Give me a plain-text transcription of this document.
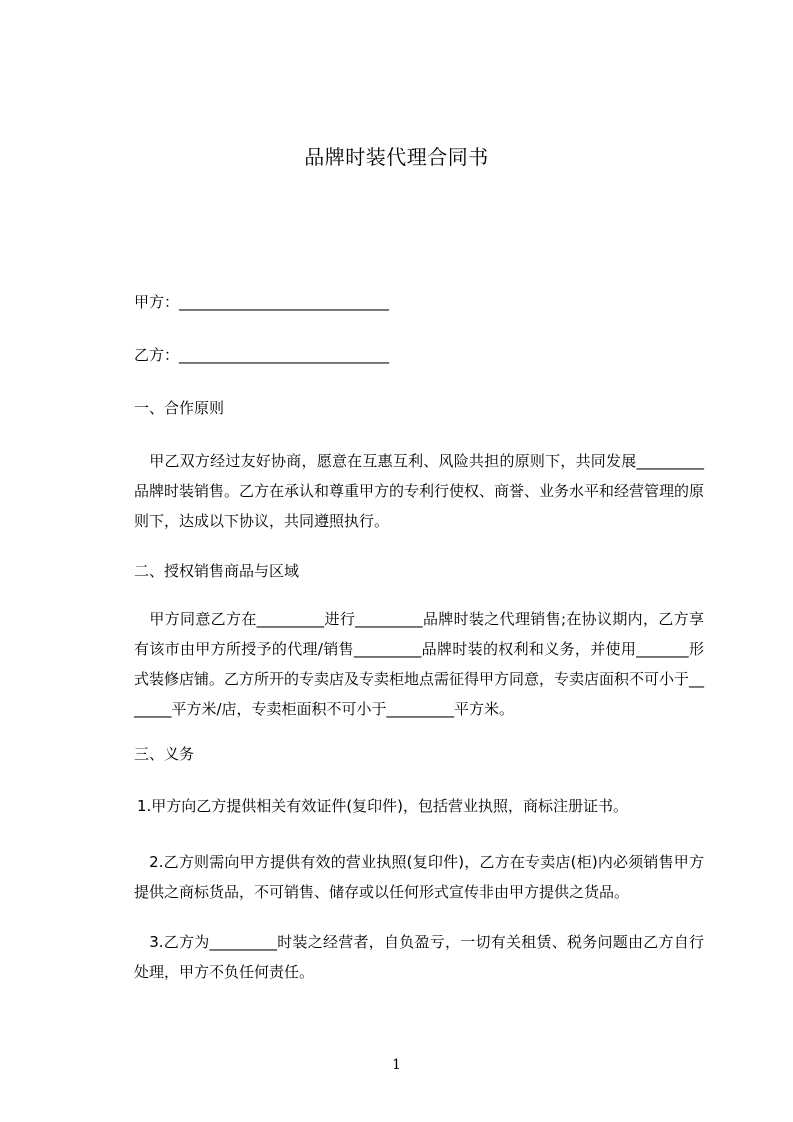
品牌时装代理合同书
甲方：____________________________
乙方：____________________________
一、合作原则
　甲乙双方经过友好协商，愿意在互惠互利、风险共担的原则下，共同发展_________品牌时装销售。乙方在承认和尊重甲方的专利行使权、商誉、业务水平和经营管理的原则下，达成以下协议，共同遵照执行。
二、授权销售商品与区域
　甲方同意乙方在_________进行_________品牌时装之代理销售;在协议期内，乙方享有该市由甲方所授予的代理/销售_________品牌时装的权利和义务，并使用_______形式装修店铺。乙方所开的专卖店及专卖柜地点需征得甲方同意，专卖店面积不可小于_______平方米/店，专卖柜面积不可小于_________平方米。
三、义务
1.甲方向乙方提供相关有效证件(复印件)，包括营业执照，商标注册证书。
　2.乙方则需向甲方提供有效的营业执照(复印件)，乙方在专卖店(柜)内必须销售甲方提供之商标货品，不可销售、储存或以任何形式宣传非由甲方提供之货品。
　3.乙方为_________时装之经营者，自负盈亏，一切有关租赁、税务问题由乙方自行处理，甲方不负任何责任。
1
